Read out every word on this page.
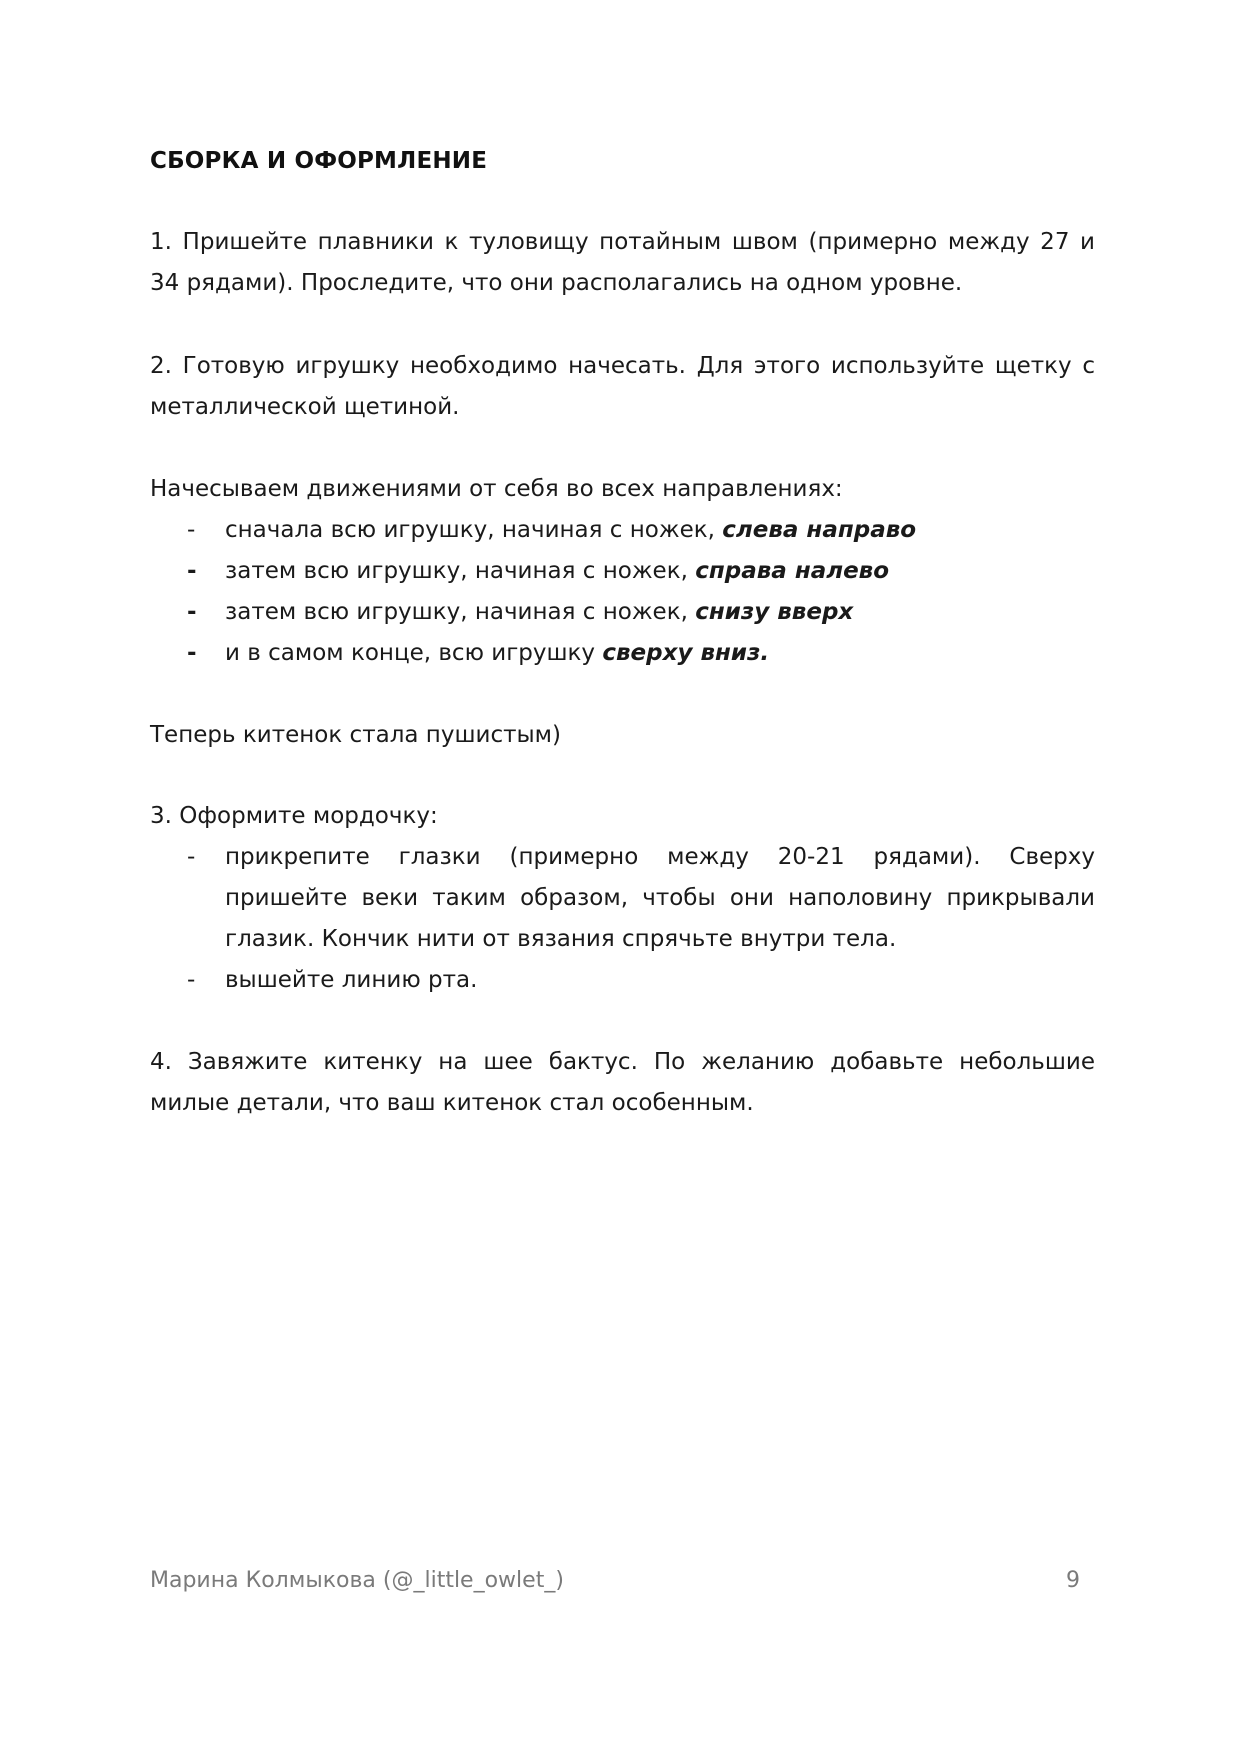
СБОРКА И ОФОРМЛЕНИЕ

1. Пришейте плавники к туловищу потайным швом (примерно между 27 и 34 рядами). Проследите, что они располагались на одном уровне.

2. Готовую игрушку необходимо начесать. Для этого используйте щетку с металлической щетиной.

Начесываем движениями от себя во всех направлениях:

- сначала всю игрушку, начиная с ножек, слева направо
- затем всю игрушку, начиная с ножек, справа налево
- затем всю игрушку, начиная с ножек, снизу вверх
- и в самом конце, всю игрушку сверху вниз.

Теперь китенок стала пушистым)

3. Оформите мордочку:

- прикрепите глазки (примерно между 20-21 рядами). Сверху пришейте веки таким образом, чтобы они наполовину прикрывали глазик. Кончик нити от вязания спрячьте внутри тела.
- вышейте линию рта.

4. Завяжите китенку на шее бактус. По желанию добавьте небольшие милые детали, что ваш китенок стал особенным.

Марина Колмыкова (@_little_owlet_)	9
